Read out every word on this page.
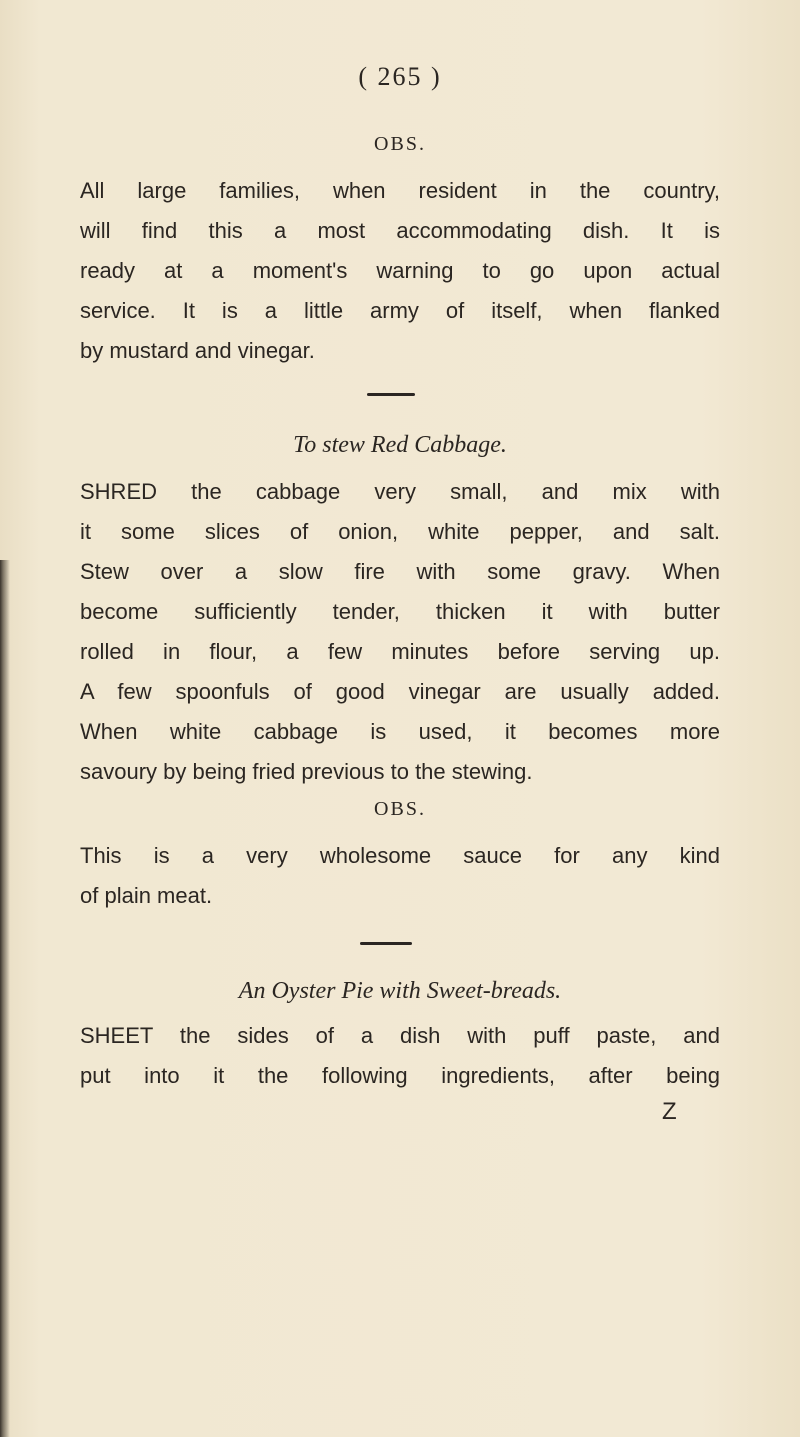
( 265 )
OBS.
All large families, when resident in the country,
will find this a most accommodating dish. It is
ready at a moment's warning to go upon actual
service. It is a little army of itself, when flanked
by mustard and vinegar.
To stew Red Cabbage.
SHRED the cabbage very small, and mix with
it some slices of onion, white pepper, and salt.
Stew over a slow fire with some gravy. When
become sufficiently tender, thicken it with butter
rolled in flour, a few minutes before serving up.
A few spoonfuls of good vinegar are usually added.
When white cabbage is used, it becomes more
savoury by being fried previous to the stewing.
OBS.
This is a very wholesome sauce for any kind
of plain meat.
An Oyster Pie with Sweet-breads.
SHEET the sides of a dish with puff paste, and
put into it the following ingredients, after being
Z
